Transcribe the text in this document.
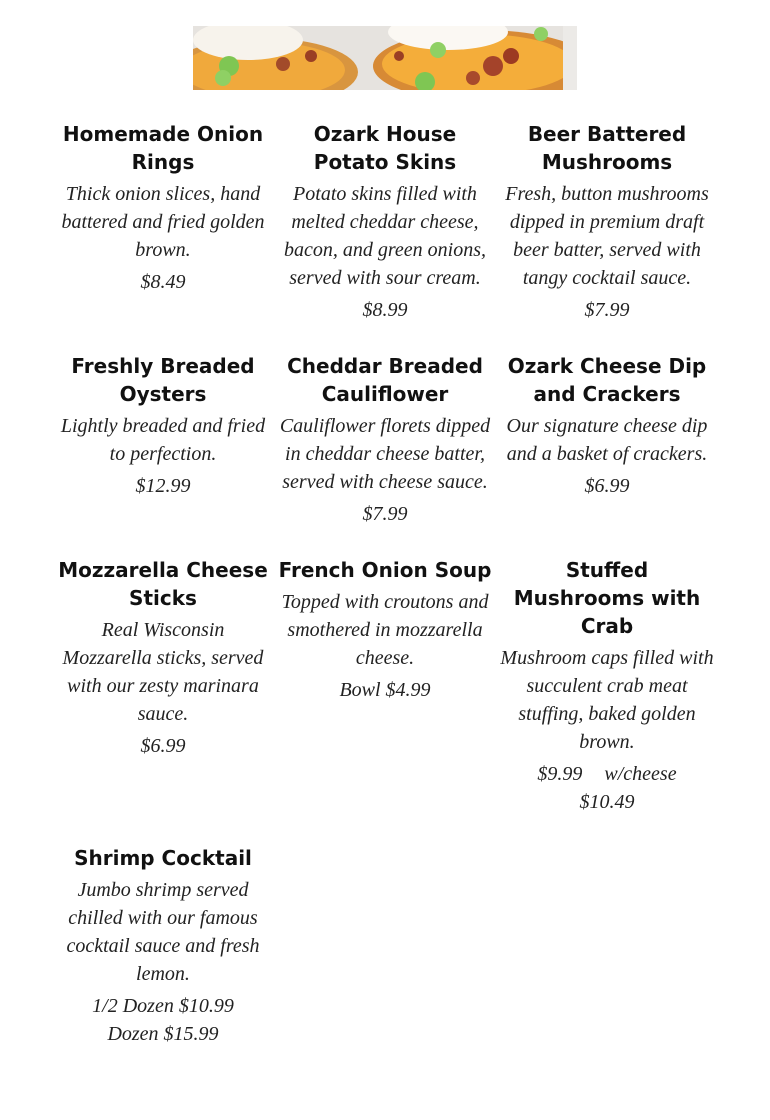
Homemade Onion Rings
Thick onion slices, hand battered and fried golden brown.
$8.49
Ozark House Potato Skins
Potato skins filled with melted cheddar cheese, bacon, and green onions, served with sour cream.
$8.99
Beer Battered Mushrooms
Fresh, button mushrooms dipped in premium draft beer batter, served with tangy cocktail sauce.
$7.99
Freshly Breaded Oysters
Lightly breaded and fried to perfection.
$12.99
Cheddar Breaded Cauliflower
Cauliflower florets dipped in cheddar cheese batter, served with cheese sauce.
$7.99
Ozark Cheese Dip and Crackers
Our signature cheese dip and a basket of crackers.
$6.99
Mozzarella Cheese Sticks
Real Wisconsin Mozzarella sticks, served with our zesty marinara sauce.
$6.99
French Onion Soup
Topped with croutons and smothered in mozzarella cheese.
Bowl $4.99
Stuffed Mushrooms with Crab
Mushroom caps filled with succulent crab meat stuffing, baked golden brown.
$9.99 w/cheese
$10.49
Shrimp Cocktail
Jumbo shrimp served chilled with our famous cocktail sauce and fresh lemon.
1/2 Dozen $10.99
Dozen $15.99
